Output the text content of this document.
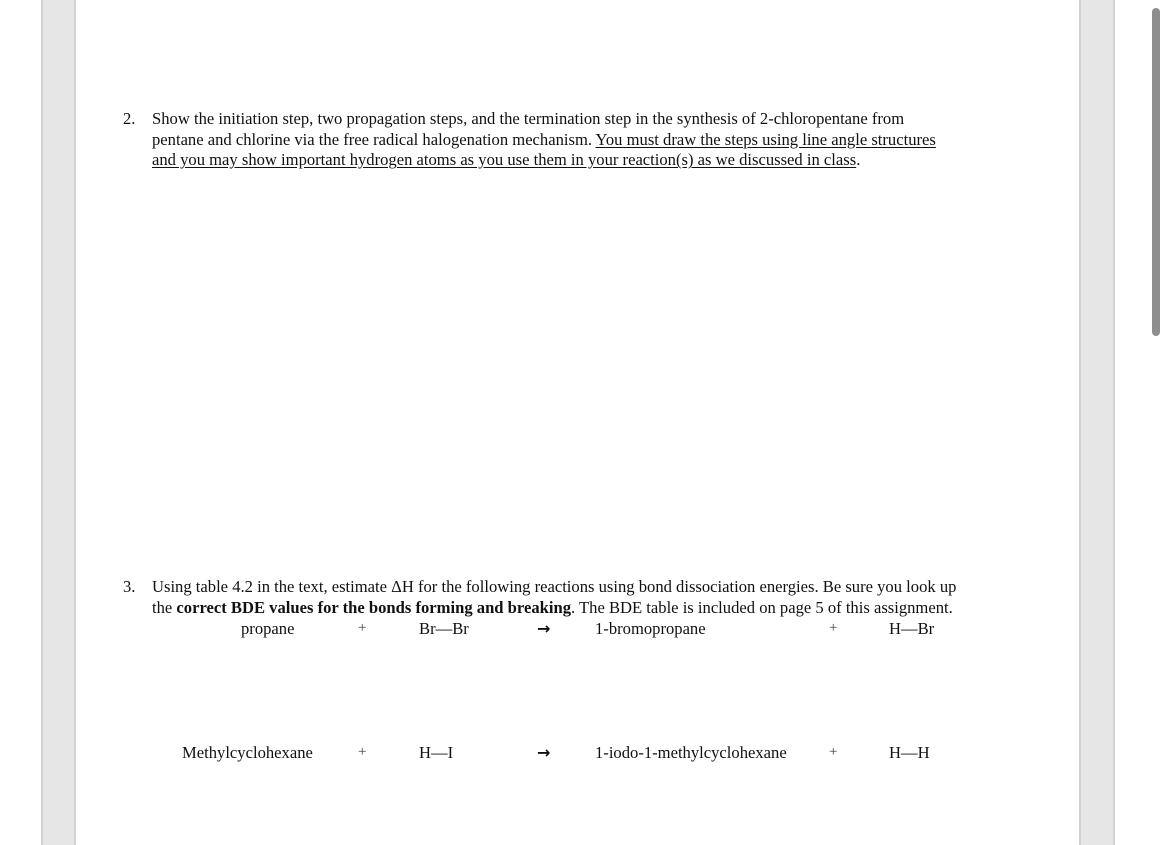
2. Show the initiation step, two propagation steps, and the termination step in the synthesis of 2-chloropentane from
pentane and chlorine via the free radical halogenation mechanism. You must draw the steps using line angle structures
and you may show important hydrogen atoms as you use them in your reaction(s) as we discussed in class.
3. Using table 4.2 in the text, estimate ΔH for the following reactions using bond dissociation energies. Be sure you look up
the correct BDE values for the bonds forming and breaking. The BDE table is included on page 5 of this assignment.
propane	+	Br—Br	→	1-bromopropane	+	H—Br
Methylcyclohexane	+	H—I	→	1-iodo-1-methylcyclohexane	+	H—H
